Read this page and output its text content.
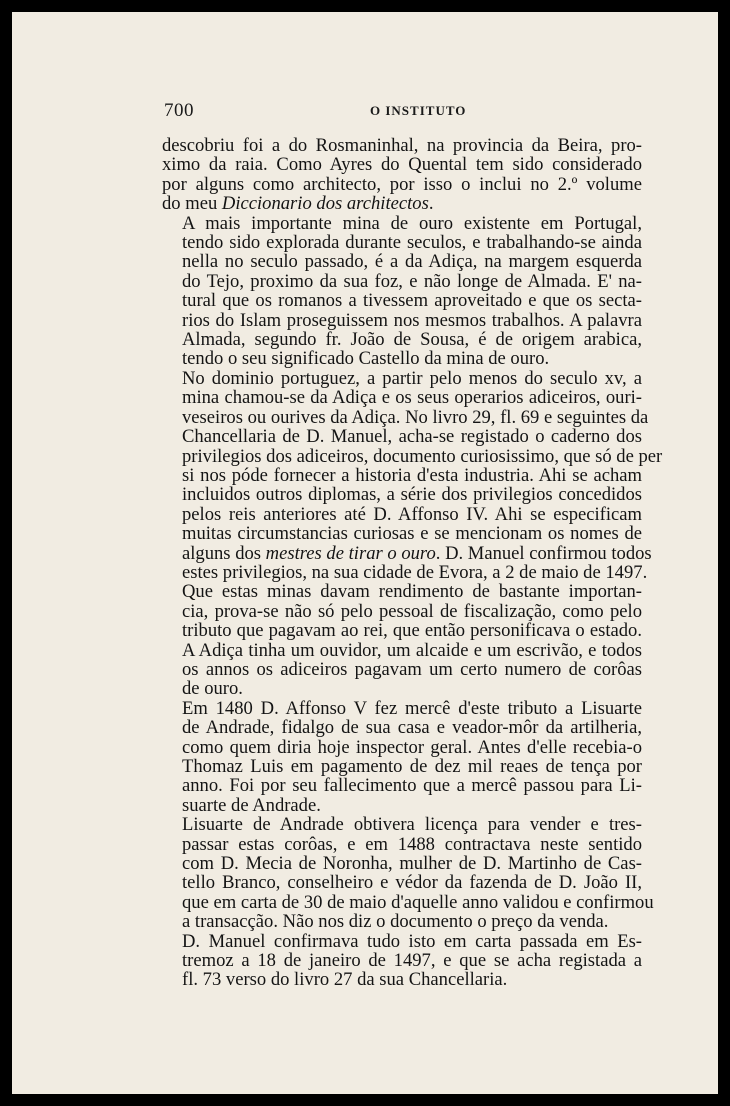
700	O INSTITUTO

descobriu foi a do Rosmaninhal, na provincia da Beira, pro-
ximo da raia. Como Ayres do Quental tem sido considerado
por alguns como architecto, por isso o inclui no 2.º volume
do meu Diccionario dos architectos.

A mais importante mina de ouro existente em Portugal,
tendo sido explorada durante seculos, e trabalhando-se ainda
nella no seculo passado, é a da Adiça, na margem esquerda
do Tejo, proximo da sua foz, e não longe de Almada. E' na-
tural que os romanos a tivessem aproveitado e que os secta-
rios do Islam proseguissem nos mesmos trabalhos. A palavra
Almada, segundo fr. João de Sousa, é de origem arabica,
tendo o seu significado Castello da mina de ouro.

No dominio portuguez, a partir pelo menos do seculo xv, a
mina chamou-se da Adiça e os seus operarios adiceiros, ouri-
veseiros ou ourives da Adiça. No livro 29, fl. 69 e seguintes da
Chancellaria de D. Manuel, acha-se registado o caderno dos
privilegios dos adiceiros, documento curiosissimo, que só de per
si nos póde fornecer a historia d'esta industria. Ahi se acham
incluidos outros diplomas, a série dos privilegios concedidos
pelos reis anteriores até D. Affonso IV. Ahi se especificam
muitas circumstancias curiosas e se mencionam os nomes de
alguns dos mestres de tirar o ouro. D. Manuel confirmou todos
estes privilegios, na sua cidade de Evora, a 2 de maio de 1497.

Que estas minas davam rendimento de bastante importan-
cia, prova-se não só pelo pessoal de fiscalização, como pelo
tributo que pagavam ao rei, que então personificava o estado.
A Adiça tinha um ouvidor, um alcaide e um escrivão, e todos
os annos os adiceiros pagavam um certo numero de corôas
de ouro.

Em 1480 D. Affonso V fez mercê d'este tributo a Lisuarte
de Andrade, fidalgo de sua casa e veador-môr da artilheria,
como quem diria hoje inspector geral. Antes d'elle recebia-o
Thomaz Luis em pagamento de dez mil reaes de tença por
anno. Foi por seu fallecimento que a mercê passou para Li-
suarte de Andrade.

Lisuarte de Andrade obtivera licença para vender e tres-
passar estas corôas, e em 1488 contractava neste sentido
com D. Mecia de Noronha, mulher de D. Martinho de Cas-
tello Branco, conselheiro e védor da fazenda de D. João II,
que em carta de 30 de maio d'aquelle anno validou e confirmou
a transacção. Não nos diz o documento o preço da venda.

D. Manuel confirmava tudo isto em carta passada em Es-
tremoz a 18 de janeiro de 1497, e que se acha registada a
fl. 73 verso do livro 27 da sua Chancellaria.
